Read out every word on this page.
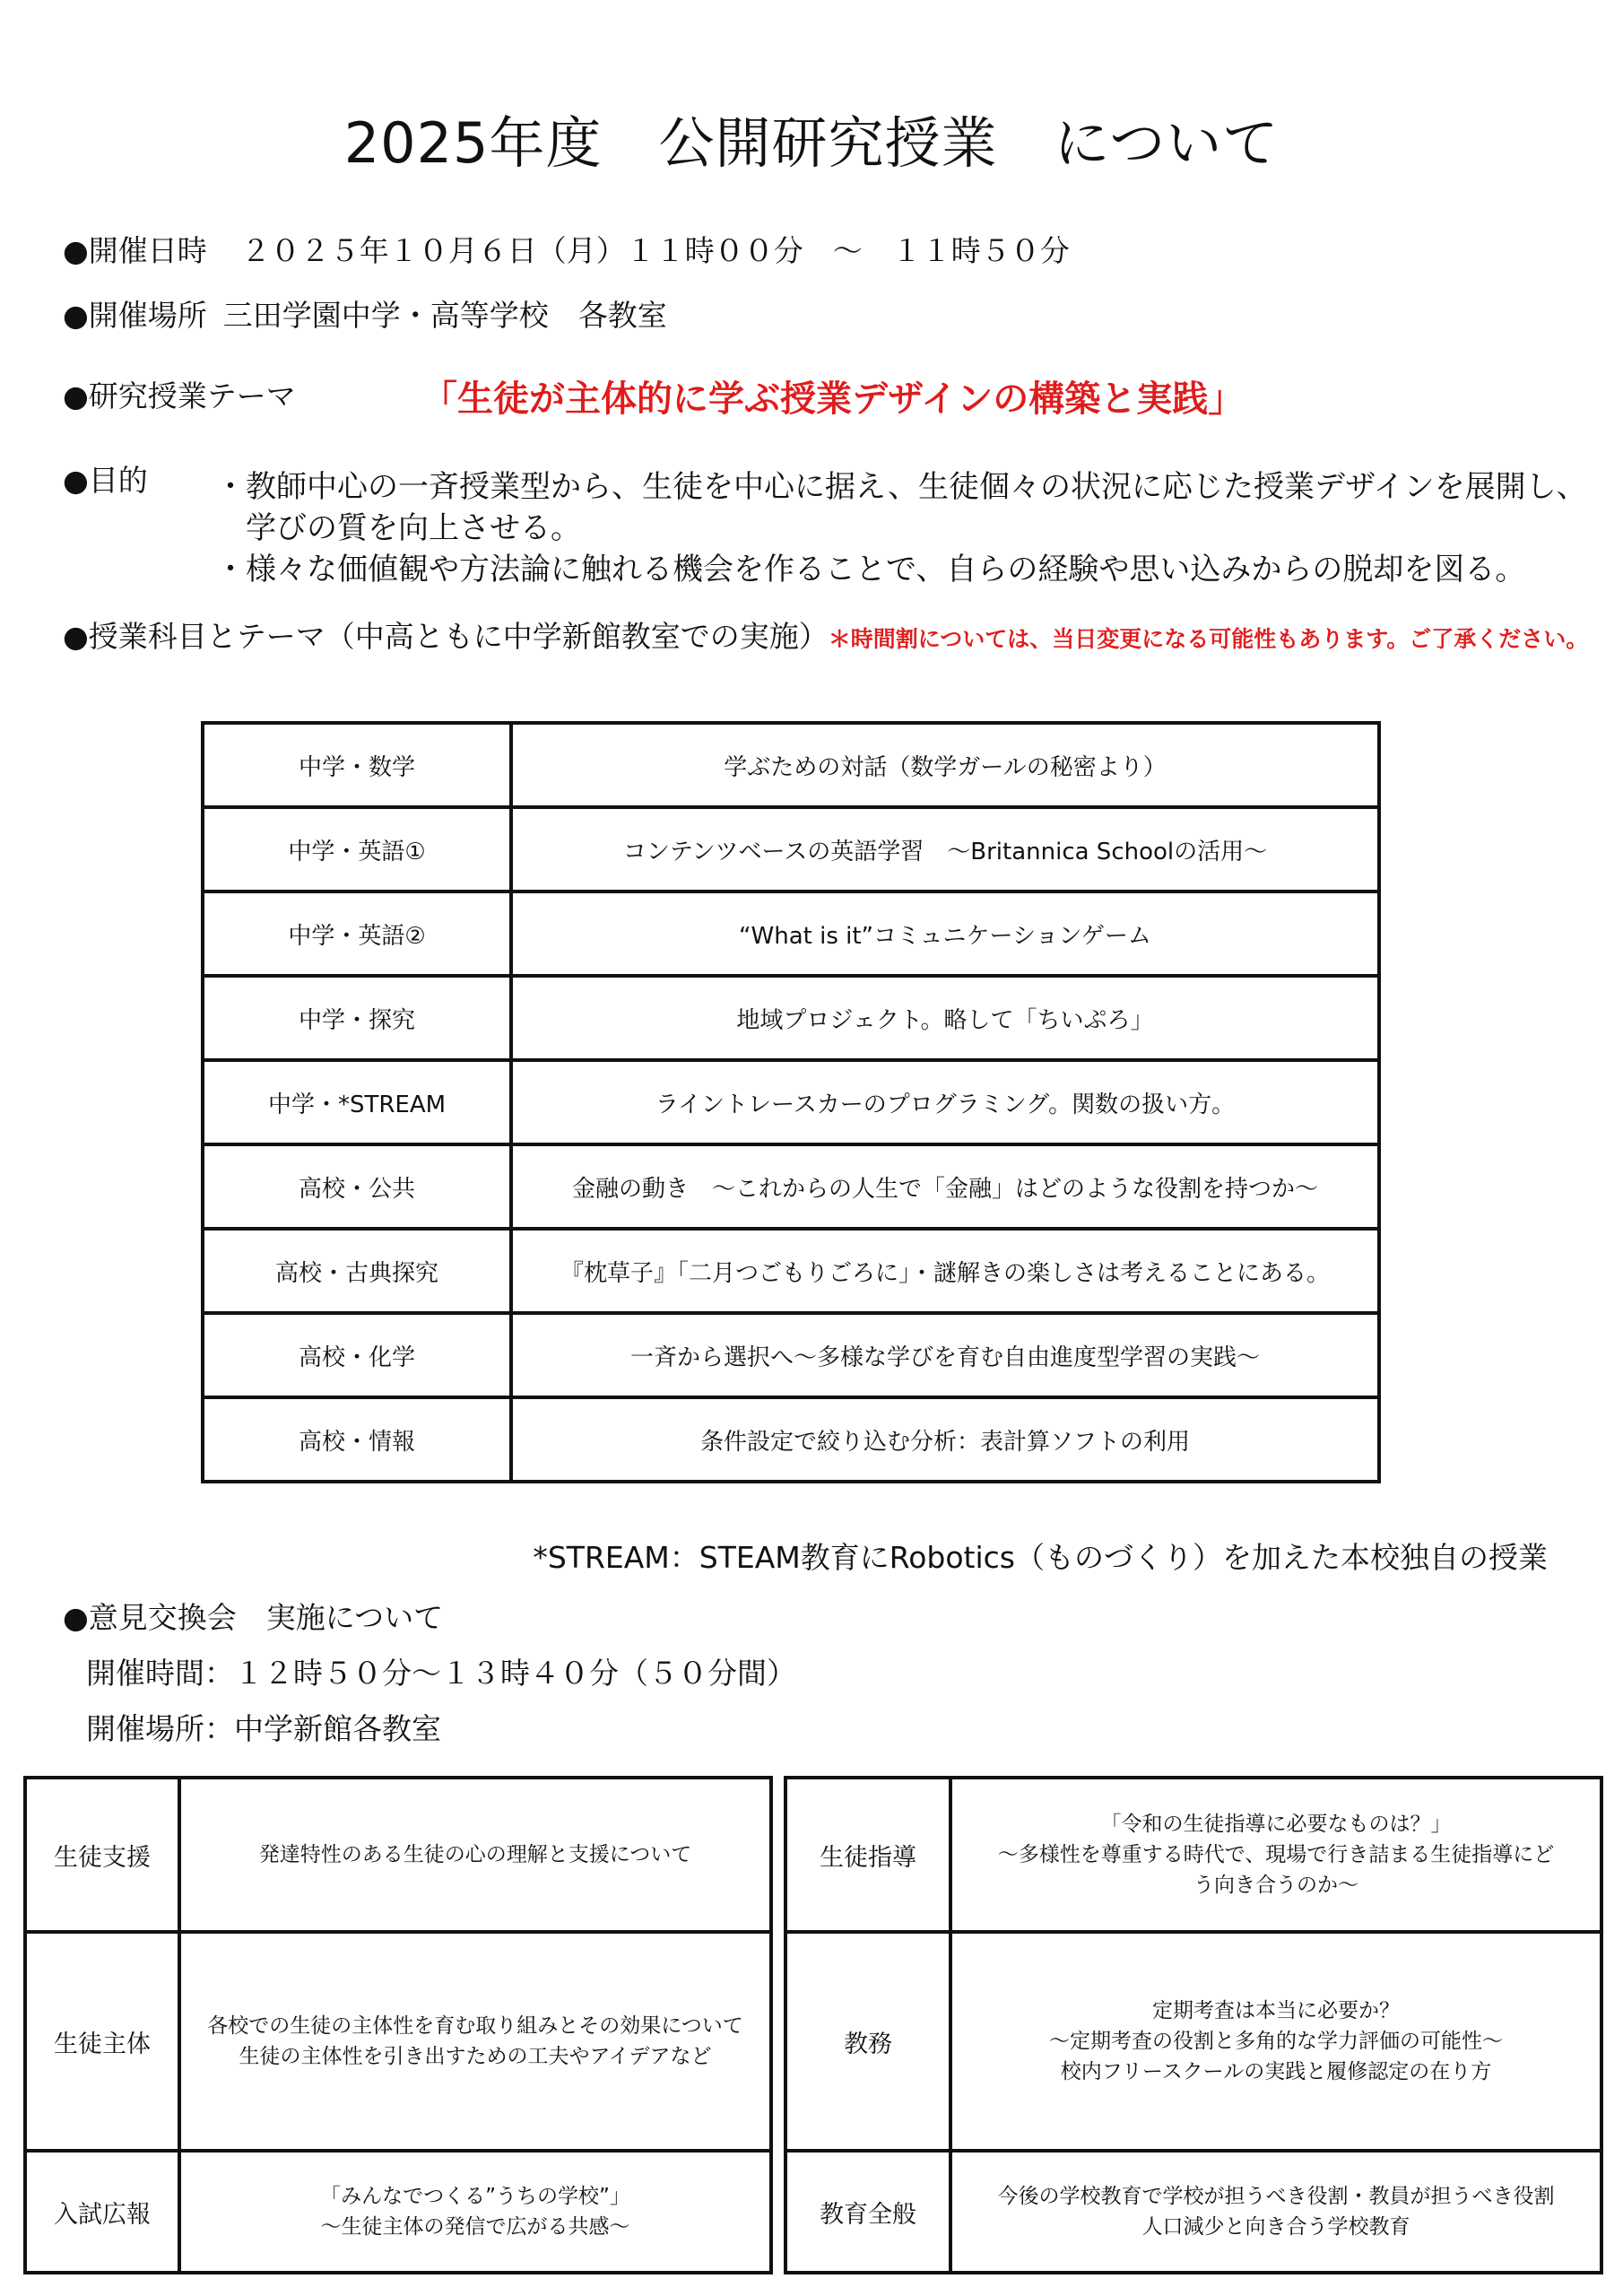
2025年度　公開研究授業　について
●開催日時 ２０２５年１０月６日（月）１１時００分　～　１１時５０分
●開催場所 三田学園中学・高等学校　各教室
●研究授業テーマ	「生徒が主体的に学ぶ授業デザインの構築と実践」
●目的 ・教師中心の一斉授業型から、生徒を中心に据え、生徒個々の状況に応じた授業デザインを展開し、
　学びの質を向上させる。
・様々な価値観や方法論に触れる機会を作ることで、自らの経験や思い込みからの脱却を図る。
●授業科目とテーマ（中高ともに中学新館教室での実施）＊時間割については、当日変更になる可能性もあります。ご了承ください。
中学・数学	学ぶための対話（数学ガールの秘密より）
中学・英語①	コンテンツベースの英語学習　～Britannica Schoolの活用～
中学・英語②	“What is it”コミュニケーションゲーム
中学・探究	地域プロジェクト。略して「ちいぷろ」
中学・*STREAM	ライントレースカーのプログラミング。関数の扱い方。
高校・公共	金融の動き　～これからの人生で「金融」はどのような役割を持つか～
高校・古典探究	『枕草子』「二月つごもりごろに」・謎解きの楽しさは考えることにある。
高校・化学	一斉から選択へ～多様な学びを育む自由進度型学習の実践～
高校・情報	条件設定で絞り込む分析：表計算ソフトの利用
*STREAM：STEAM教育にRobotics（ものづくり）を加えた本校独自の授業
●意見交換会　実施について
開催時間：１２時５０分～１３時４０分（５０分間）
開催場所：中学新館各教室
生徒支援	発達特性のある生徒の心の理解と支援について

生徒主体	各校での生徒の主体性を育む取り組みとその効果について
生徒の主体性を引き出すための工夫やアイデアなど

入試広報	「みんなでつくる”うちの学校”」
～生徒主体の発信で広がる共感～
生徒指導	「令和の生徒指導に必要なものは？」
～多様性を尊重する時代で、現場で行き詰まる生徒指導にど
う向き合うのか～

教務	定期考査は本当に必要か？
～定期考査の役割と多角的な学力評価の可能性～
校内フリースクールの実践と履修認定の在り方

教育全般	今後の学校教育で学校が担うべき役割・教員が担うべき役割
人口減少と向き合う学校教育
